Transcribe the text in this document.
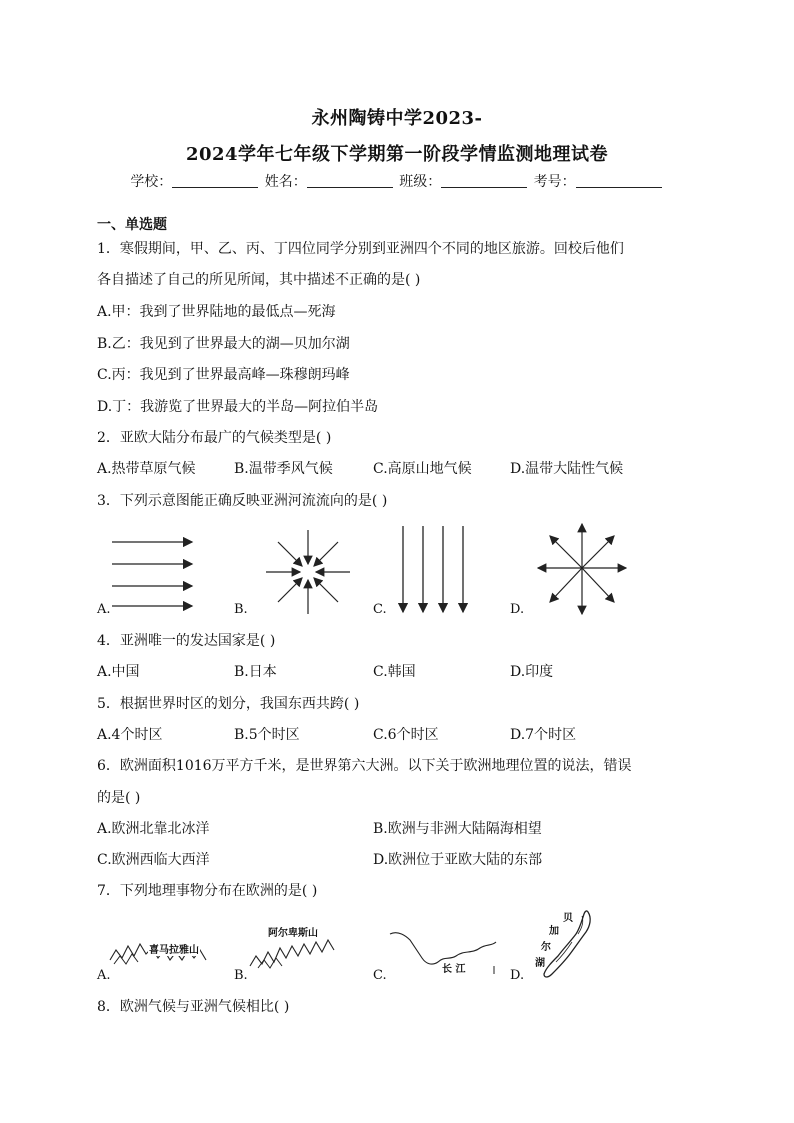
永州陶铸中学2023-
2024学年七年级下学期第一阶段学情监测地理试卷
学校：	姓名：	班级：	考号：
一、单选题
1．寒假期间，甲、乙、丙、丁四位同学分别到亚洲四个不同的地区旅游。回校后他们
各自描述了自己的所见所闻，其中描述不正确的是( )
A.甲：我到了世界陆地的最低点—死海
B.乙：我见到了世界最大的湖—贝加尔湖
C.丙：我见到了世界最高峰—珠穆朗玛峰
D.丁：我游览了世界最大的半岛—阿拉伯半岛
2．亚欧大陆分布最广的气候类型是( )
A.热带草原气候	B.温带季风气候	C.高原山地气候	D.温带大陆性气候
3．下列示意图能正确反映亚洲河流流向的是( )
A.	B.	C.	D.
4．亚洲唯一的发达国家是( )
A.中国	B.日本	C.韩国	D.印度
5．根据世界时区的划分，我国东西共跨( )
A.4个时区	B.5个时区	C.6个时区	D.7个时区
6．欧洲面积1016万平方千米，是世界第六大洲。以下关于欧洲地理位置的说法，错误
的是( )
A.欧洲北靠北冰洋	B.欧洲与非洲大陆隔海相望
C.欧洲西临大西洋	D.欧洲位于亚欧大陆的东部
7．下列地理事物分布在欧洲的是( )
喜马拉雅山
A.
阿尔卑斯山
B.	长 江
C.
贝
加
尔
湖
D.
8．欧洲气候与亚洲气候相比( )
